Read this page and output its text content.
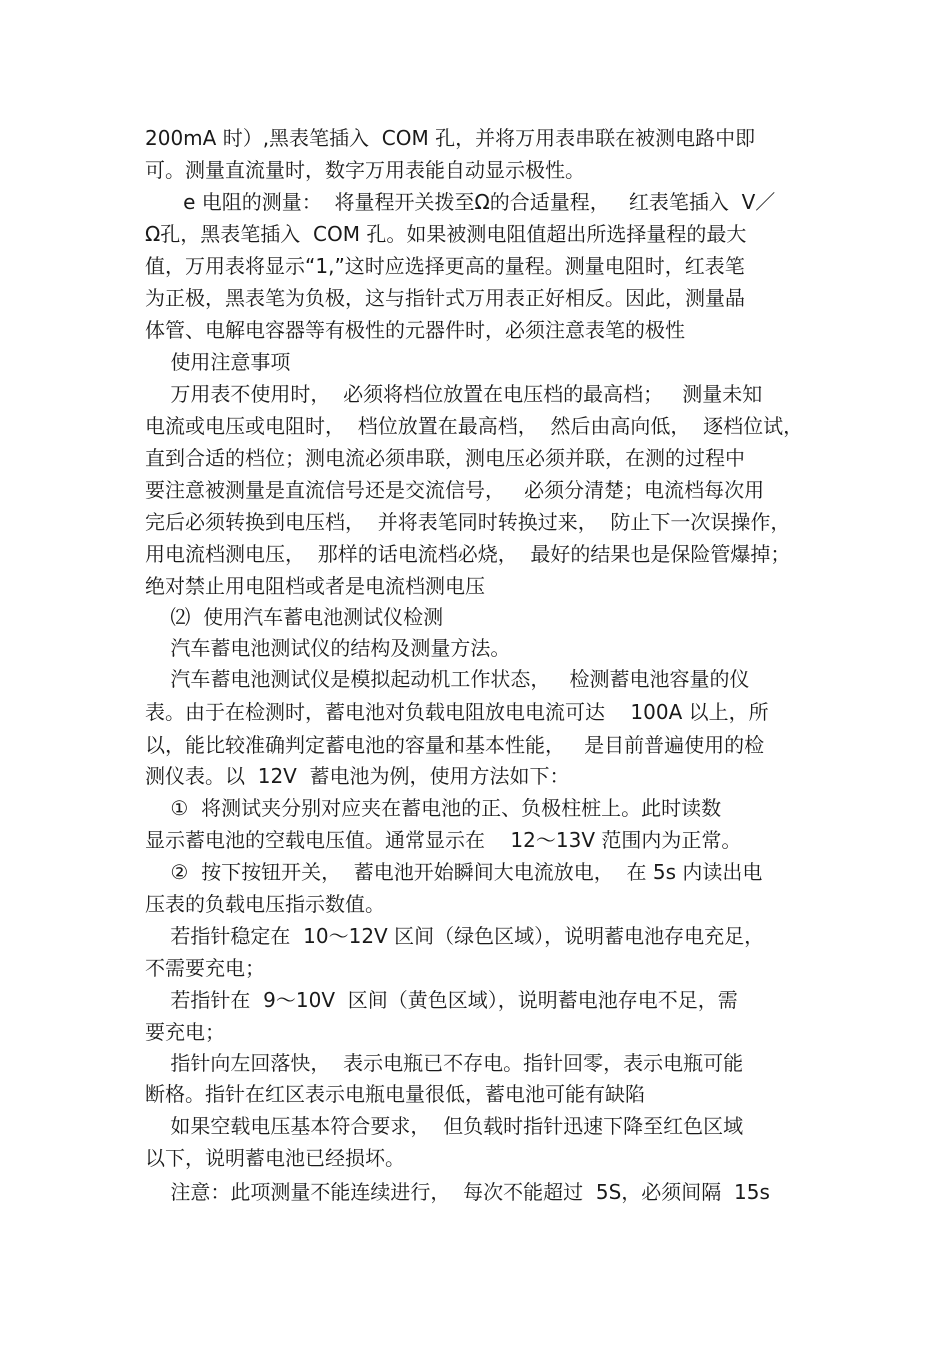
200mA 时）,黑表笔插入  COM 孔，并将万用表串联在被测电路中即
可。测量直流量时，数字万用表能自动显示极性。
e 电阻的测量：  将量程开关拨至Ω的合适量程，   红表笔插入  V／
Ω孔，黑表笔插入  COM 孔。如果被测电阻值超出所选择量程的最大
值，万用表将显示“1,”这时应选择更高的量程。测量电阻时，红表笔
为正极，黑表笔为负极，这与指针式万用表正好相反。因此，测量晶
体管、电解电容器等有极性的元器件时，必须注意表笔的极性
使用注意事项
万用表不使用时，  必须将档位放置在电压档的最高档；   测量未知
电流或电压或电阻时，  档位放置在最高档，  然后由高向低，  逐档位试，
直到合适的档位；测电流必须串联，测电压必须并联，在测的过程中
要注意被测量是直流信号还是交流信号，   必须分清楚；电流档每次用
完后必须转换到电压档，  并将表笔同时转换过来，  防止下一次误操作，
用电流档测电压，  那样的话电流档必烧，  最好的结果也是保险管爆掉；
绝对禁止用电阻档或者是电流档测电压
⑵  使用汽车蓄电池测试仪检测
汽车蓄电池测试仪的结构及测量方法。
汽车蓄电池测试仪是模拟起动机工作状态，   检测蓄电池容量的仪
表。由于在检测时，蓄电池对负载电阻放电电流可达    100A 以上，所
以，能比较准确判定蓄电池的容量和基本性能，   是目前普遍使用的检
测仪表。以  12V  蓄电池为例，使用方法如下：
①  将测试夹分别对应夹在蓄电池的正、负极柱桩上。此时读数
显示蓄电池的空载电压值。通常显示在    12～13V 范围内为正常。
②  按下按钮开关，  蓄电池开始瞬间大电流放电，  在 5s 内读出电
压表的负载电压指示数值。
若指针稳定在  10～12V 区间（绿色区域），说明蓄电池存电充足，
不需要充电；
若指针在  9～10V  区间（黄色区域），说明蓄电池存电不足，需
要充电；
指针向左回落快，  表示电瓶已不存电。指针回零，表示电瓶可能
断格。指针在红区表示电瓶电量很低，蓄电池可能有缺陷
如果空载电压基本符合要求，  但负载时指针迅速下降至红色区域
以下，说明蓄电池已经损坏。
注意：此项测量不能连续进行，  每次不能超过  5S，必须间隔  15s
